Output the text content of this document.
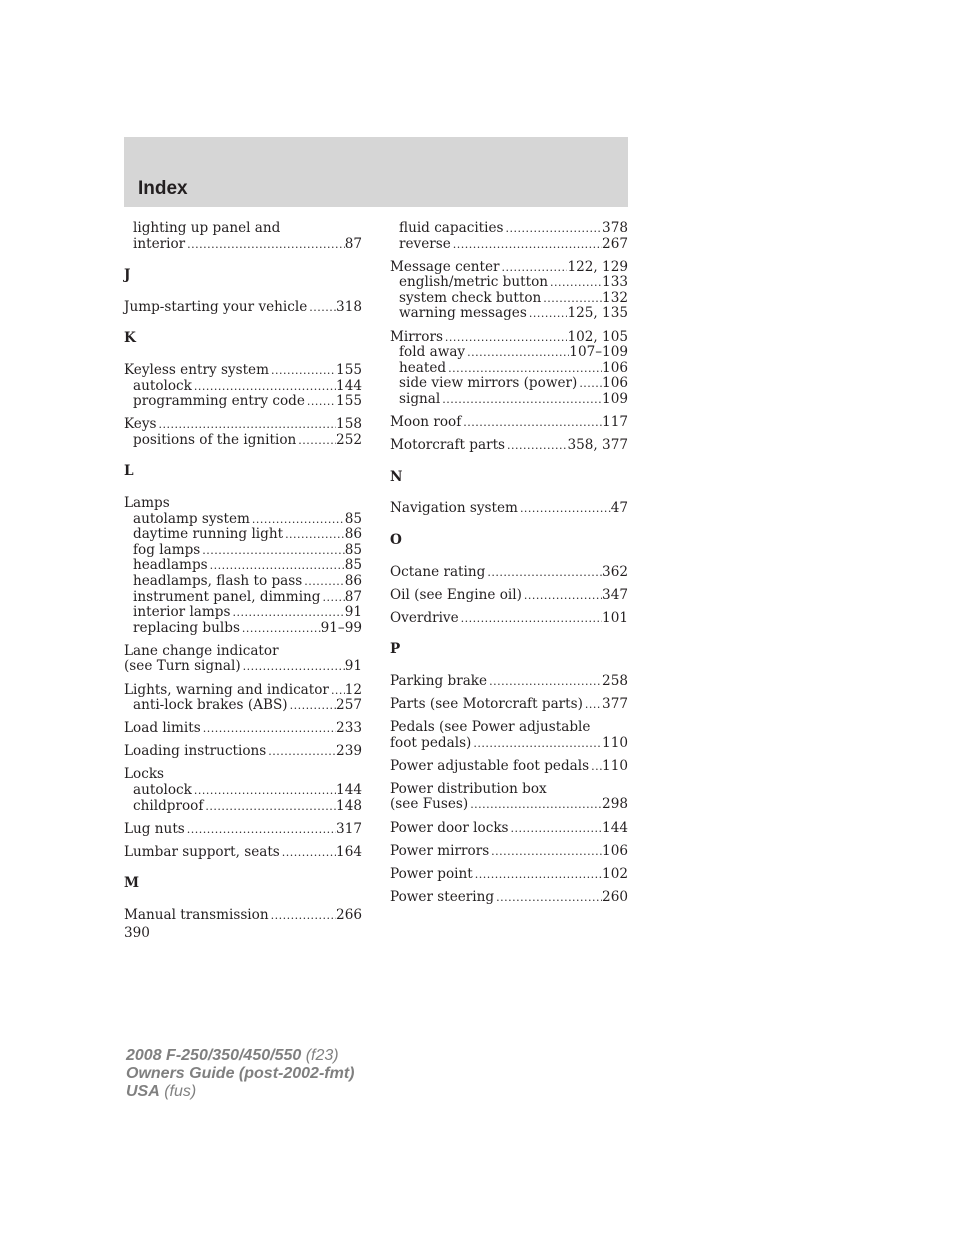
Index
lighting up panel and
interior .....	87
J
Jump-starting your vehicle ..... 318
K
Keyless entry system .....	155
autolock .....	144
programming entry code ..... 155
Keys .....	158
positions of the ignition .....	252
L
Lamps
autolamp system .....	85
daytime running light .....	86
fog lamps .....	85
headlamps .....	85
headlamps, flash to pass .....	86
instrument panel, dimming ..... 87
interior lamps .....	91
replacing bulbs .....	91–99
Lane change indicator
(see Turn signal) .....	91
Lights, warning and indicator ..... 12
anti-lock brakes (ABS) .....	257
Load limits .....	233
Loading instructions .....	239
Locks
autolock .....	144
childproof .....	148
Lug nuts .....	317
Lumbar support, seats .....	164
M
Manual transmission .....	266
fluid capacities .....	378
reverse .....	267
Message center .....	122, 129
english/metric button .....	133
system check button .....	132
warning messages .....	125, 135
Mirrors .....	102, 105
fold away .....	107–109
heated .....	106
side view mirrors (power) ..... 106
signal .....	109
Moon roof .....	117
Motorcraft parts .....	358, 377
N
Navigation system .....	47
O
Octane rating .....	362
Oil (see Engine oil) .....	347
Overdrive .....	101
P
Parking brake .....	258
Parts (see Motorcraft parts) ..... 377
Pedals (see Power adjustable
foot pedals) .....	110
Power adjustable foot pedals ..... 110
Power distribution box
(see Fuses) .....	298
Power door locks .....	144
Power mirrors .....	106
Power point .....	102
Power steering .....	260
390
2008 F-250/350/450/550 (f23)
Owners Guide (post-2002-fmt)
USA (fus)
